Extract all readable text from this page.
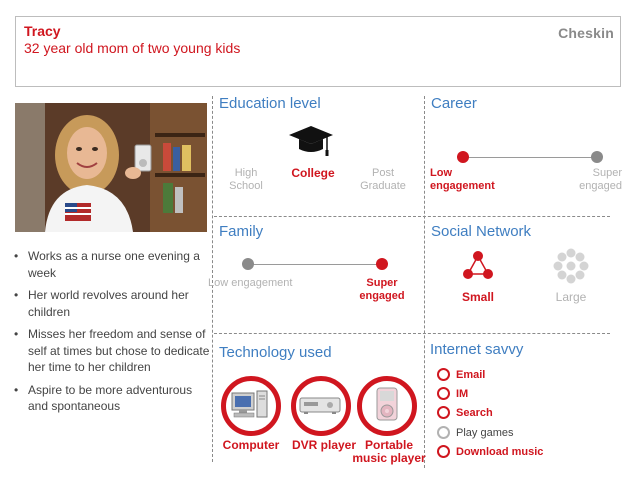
Tracy
32 year old mom of two young kids
Cheskin
• Works as a nurse one evening a week
• Her world revolves around her children
• Misses her freedom and sense of self at times but chose to dedicate her time to her children
• Aspire to be more adventurous and spontaneous
Education level
High School
College	Post Graduate
Career
Low engagement
Super engaged
Family
Low engagement	Super engaged
Social Network
Small	Large
Technology used
Computer	DVR player Portable music player
Internet savvy
Email
IM
Search
Play games
Download music
